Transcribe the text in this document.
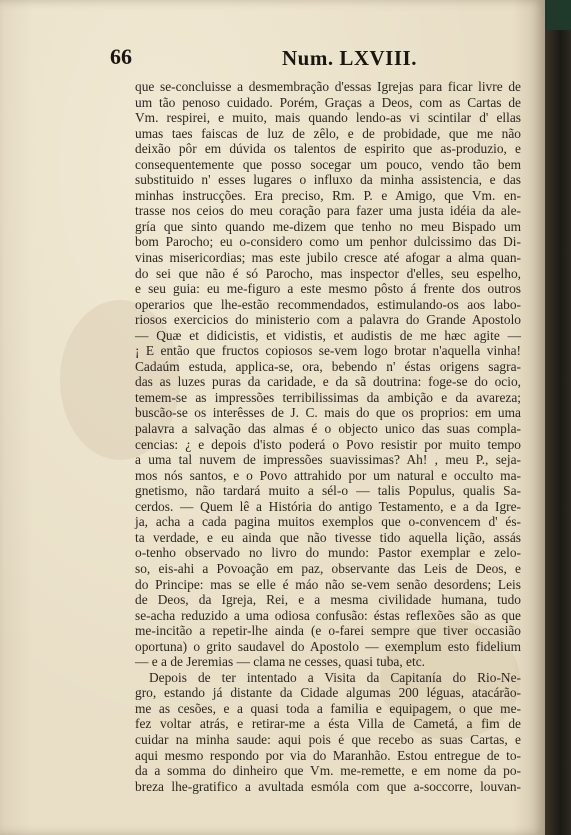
66	Num. LXVIII.
que se-concluisse a desmembração d'essas Igrejas para ficar livre de
um tão penoso cuidado. Porém, Graças a Deos, com as Cartas de
Vm. respirei, e muito, mais quando lendo-as vi scintilar d' ellas
umas taes faiscas de luz de zêlo, e de probidade, que me não
deixão pôr em dúvida os talentos de espirito que as-produzio, e
consequentemente que posso socegar um pouco, vendo tão bem
substituido n' esses lugares o influxo da minha assistencia, e das
minhas instrucções. Era preciso, Rm. P. e Amigo, que Vm. en-
trasse nos ceios do meu coração para fazer uma justa idéia da ale-
gría que sinto quando me-dizem que tenho no meu Bispado um
bom Parocho; eu o-considero como um penhor dulcissimo das Di-
vinas misericordias; mas este jubilo cresce até afogar a alma quan-
do sei que não é só Parocho, mas inspector d'elles, seu espelho,
e seu guia: eu me-figuro a este mesmo pôsto á frente dos outros
operarios que lhe-estão recommendados, estimulando-os aos labo-
riosos exercicios do ministerio com a palavra do Grande Apostolo
— Quæ et didicistis, et vidistis, et audistis de me hæc agite —
¡ E então que fructos copiosos se-vem logo brotar n'aquella vinha!
Cadaúm estuda, applica-se, ora, bebendo n' éstas origens sagra-
das as luzes puras da caridade, e da sã doutrina: foge-se do ocio,
temem-se as impressões terribilissimas da ambição e da avareza;
buscão-se os interêsses de J. C. mais do que os proprios: em uma
palavra a salvação das almas é o objecto unico das suas compla-
cencias: ¿ e depois d'isto poderá o Povo resistir por muito tempo
a uma tal nuvem de impressões suavissimas? Ah! , meu P., seja-
mos nós santos, e o Povo attrahido por um natural e occulto ma-
gnetismo, não tardará muito a sél-o — talis Populus, qualis Sa-
cerdos. — Quem lê a História do antigo Testamento, e a da Igre-
ja, acha a cada pagina muitos exemplos que o-convencem d' és-
ta verdade, e eu ainda que não tivesse tido aquella lição, assás
o-tenho observado no livro do mundo: Pastor exemplar e zelo-
so, eis-ahi a Povoação em paz, observante das Leis de Deos, e
do Principe: mas se elle é máo não se-vem senão desordens; Leis
de Deos, da Igreja, Rei, e a mesma civilidade humana, tudo
se-acha reduzido a uma odiosa confusão: éstas reflexões são as que
me-incitão a repetir-lhe ainda (e o-farei sempre que tiver occasião
oportuna) o grito saudavel do Apostolo — exemplum esto fidelium
— e a de Jeremias — clama ne cesses, quasi tuba, etc.
Depois de ter intentado a Visita da Capitanía do Rio-Ne-
gro, estando já distante da Cidade algumas 200 léguas, atacárão-
me as cesões, e a quasi toda a familia e equipagem, o que me-
fez voltar atrás, e retirar-me a ésta Villa de Cametá, a fim de
cuidar na minha saude: aqui pois é que recebo as suas Cartas, e
aqui mesmo respondo por via do Maranhão. Estou entregue de to-
da a somma do dinheiro que Vm. me-remette, e em nome da po-
breza lhe-gratifico a avultada esmóla com que a-soccorre, louvan-
